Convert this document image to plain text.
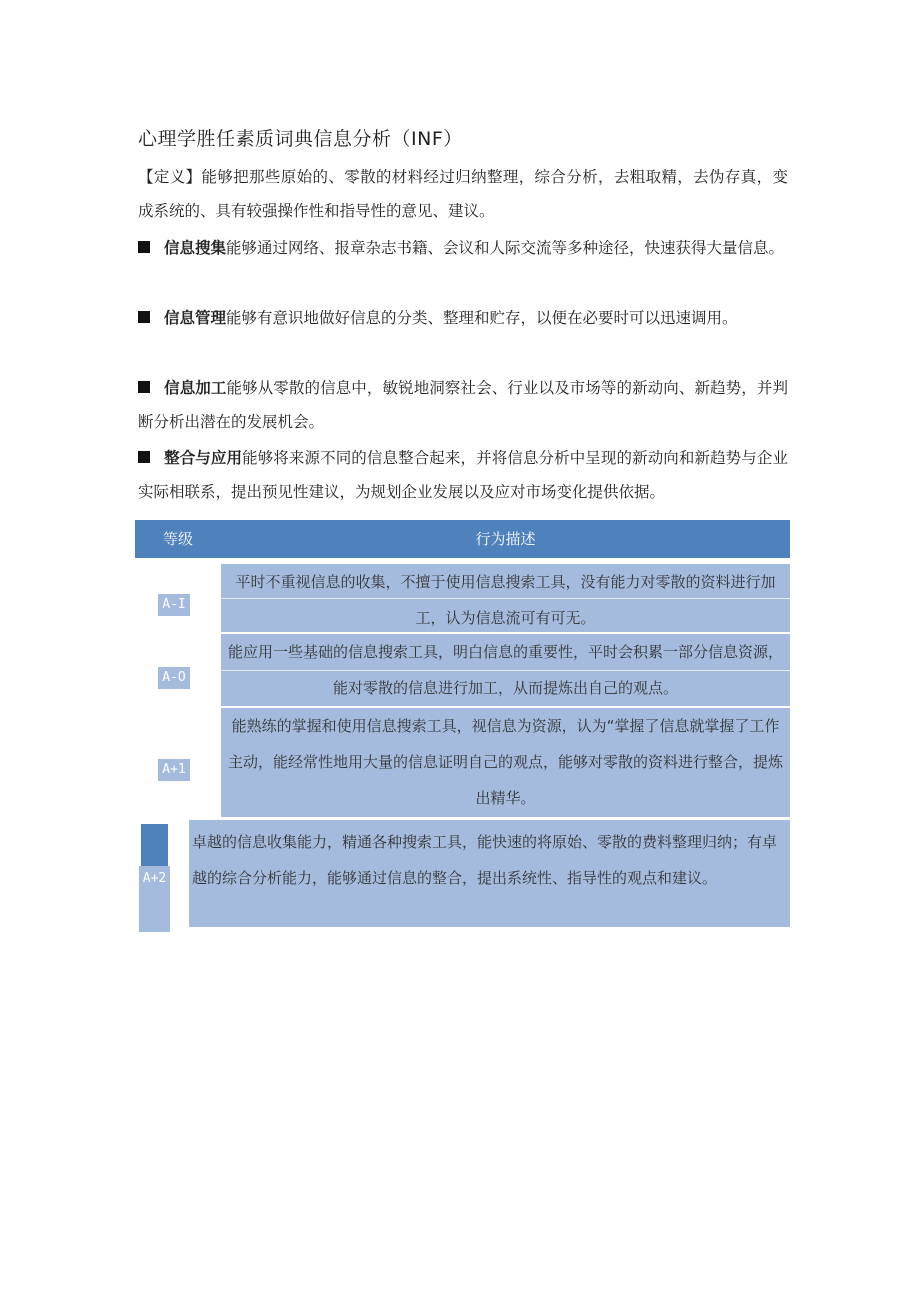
心理学胜任素质词典信息分析（INF）
【定义】能够把那些原始的、零散的材料经过归纳整理，综合分析，去粗取精，去伪存真，变成系统的、具有较强操作性和指导性的意见、建议。
信息搜集能够通过网络、报章杂志书籍、会议和人际交流等多种途径，快速获得大量信息。
信息管理能够有意识地做好信息的分类、整理和贮存，以便在必要时可以迅速调用。
信息加工能够从零散的信息中，敏锐地洞察社会、行业以及市场等的新动向、新趋势，并判断分析出潜在的发展机会。
整合与应用能够将来源不同的信息整合起来，并将信息分析中呈现的新动向和新趋势与企业实际相联系，提出预见性建议，为规划企业发展以及应对市场变化提供依据。
等级	行为描述
A-I
平时不重视信息的收集，不擅于使用信息搜索工具，没有能力对零散的资料进行加工，认为信息流可有可无。
A-O
能应用一些基础的信息搜索工具，明白信息的重要性，平时会积累一部分信息资源，能对零散的信息进行加工，从而提炼出自己的观点。
A+1
能熟练的掌握和使用信息搜索工具，视信息为资源，认为“掌握了信息就掌握了工作主动，能经常性地用大量的信息证明自己的观点，能够对零散的资料进行整合，提炼出精华。
A+2
卓越的信息收集能力，精通各种搜索工具，能快速的将原始、零散的费料整理归纳；有卓越的综合分析能力，能够通过信息的整合，提出系统性、指导性的观点和建议。
